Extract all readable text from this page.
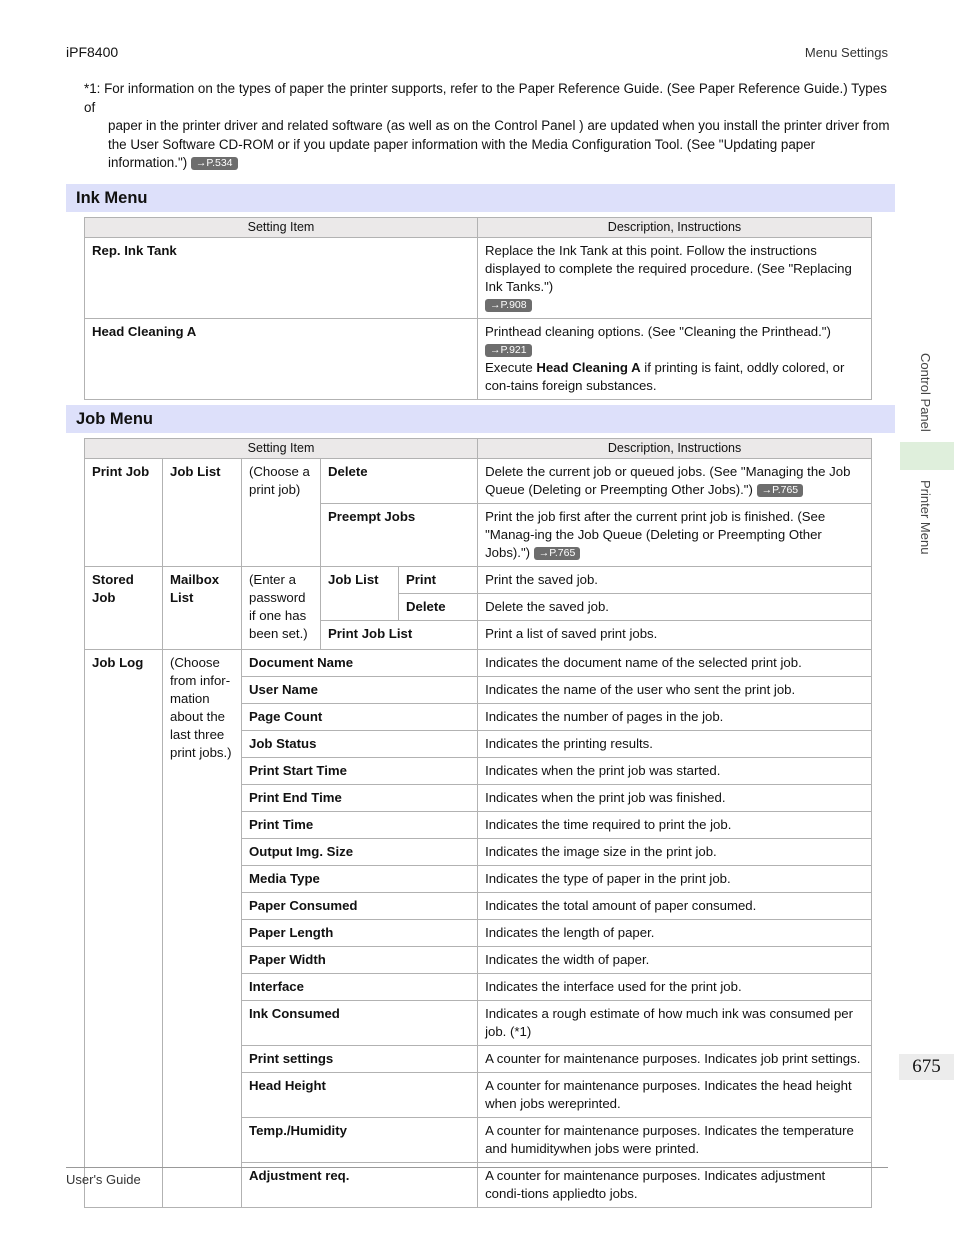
iPF8400	Menu Settings
*1: For information on the types of paper the printer supports, refer to the Paper Reference Guide. (See Paper Reference Guide.) Types of
paper in the printer driver and related software (as well as on the Control Panel ) are updated when you install the printer driver from the User Software CD-ROM or if you update paper information with the Media Configuration Tool. (See "Updating paper information.") →P.534
Ink Menu
Setting Item	Description, Instructions
Rep. Ink Tank	Replace the Ink Tank at this point. Follow the instructions displayed to complete the required procedure. (See "Replacing Ink Tanks.")
→P.908
Head Cleaning A	Printhead cleaning options. (See "Cleaning the Printhead.")
→P.921
Execute Head Cleaning A if printing is faint, oddly colored, or con-tains foreign substances.
Job Menu
Setting Item					Description, Instructions
Print Job	Job List	(Choose a print job)	Delete		Delete the current job or queued jobs. (See "Managing the Job Queue (Deleting or Preempting Other Jobs).") →P.765
			Preempt Jobs		Print the job first after the current print job is finished. (See "Manag-ing the Job Queue (Deleting or Preempting Other Jobs).") →P.765
Stored Job	Mailbox List	(Enter a password if one has been set.)	Job List	Print	Print the saved job.
				Delete	Delete the saved job.
			Print Job List		Print a list of saved print jobs.
Job Log	(Choose from infor-mation about the last three print jobs.)	Document Name			Indicates the document name of the selected print job.
		User Name			Indicates the name of the user who sent the print job.
		Page Count			Indicates the number of pages in the job.
		Job Status			Indicates the printing results.
		Print Start Time			Indicates when the print job was started.
		Print End Time			Indicates when the print job was finished.
		Print Time			Indicates the time required to print the job.
		Output Img. Size			Indicates the image size in the print job.
		Media Type			Indicates the type of paper in the print job.
		Paper Consumed			Indicates the total amount of paper consumed.
		Paper Length			Indicates the length of paper.
		Paper Width			Indicates the width of paper.
		Interface			Indicates the interface used for the print job.
		Ink Consumed			Indicates a rough estimate of how much ink was consumed per job. (*1)
		Print settings			A counter for maintenance purposes. Indicates job print settings.
		Head Height			A counter for maintenance purposes. Indicates the head height when jobs wereprinted.
		Temp./Humidity			A counter for maintenance purposes. Indicates the temperature and humiditywhen jobs were printed.
		Adjustment req.			A counter for maintenance purposes. Indicates adjustment condi-tions appliedto jobs.
Control Panel
Printer Menu
675
User's Guide
